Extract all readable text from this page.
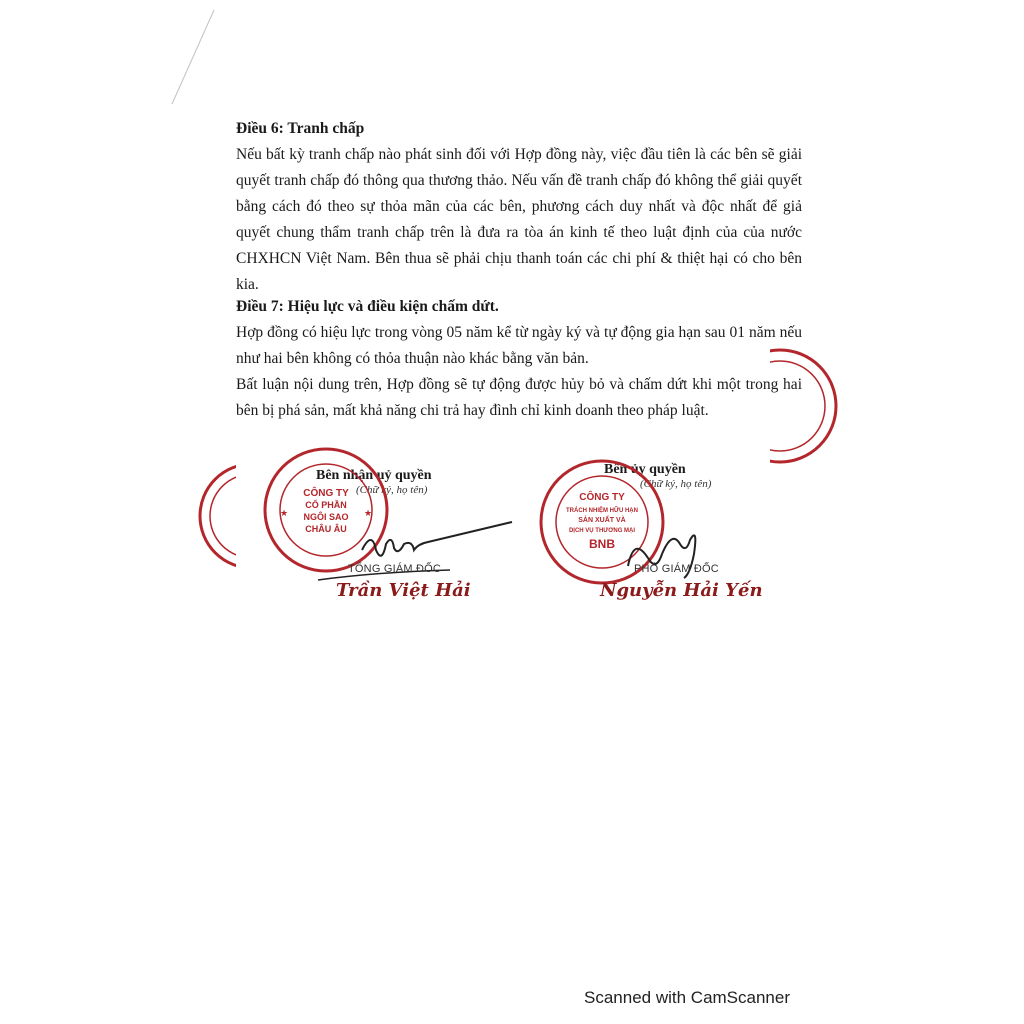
Điều 6: Tranh chấp
Nếu bất kỳ tranh chấp nào phát sinh đối với Hợp đồng này, việc đầu tiên là các bên sẽ giải quyết tranh chấp đó thông qua thương thảo. Nếu vấn đề tranh chấp đó không thể giải quyết bằng cách đó theo sự thỏa mãn của các bên, phương cách duy nhất và độc nhất để giả quyết chung thẩm tranh chấp trên là đưa ra tòa án kinh tế theo luật định của của nước CHXHCN Việt Nam. Bên thua sẽ phải chịu thanh toán các chi phí & thiệt hại có cho bên kia.
Điều 7: Hiệu lực và điều kiện chấm dứt.
Hợp đồng có hiệu lực trong vòng 05 năm kể từ ngày ký và tự động gia hạn sau 01 năm nếu như hai bên không có thỏa thuận nào khác bằng văn bản.
Bất luận nội dung trên, Hợp đồng sẽ tự động được hủy bỏ và chấm dứt khi một trong hai bên bị phá sản, mất khả năng chi trả hay đình chỉ kinh doanh theo pháp luật.
Bên nhận uỷ quyền
(Chữ ký, họ tên)
CÔNG TY
CỔ PHẦN
NGÔI SAO
CHÂU ÂU
★	★
TỔNG GIÁM ĐỐC
Trần Việt Hải
Bên ủy quyền
(Chữ ký, họ tên)
CÔNG TY
TRÁCH NHIỆM HỮU HẠN
SẢN XUẤT VÀ
DỊCH VỤ THƯƠNG MẠI
BNB
PHÓ GIÁM ĐỐC
Nguyễn Hải Yến
Scanned with CamScanner
